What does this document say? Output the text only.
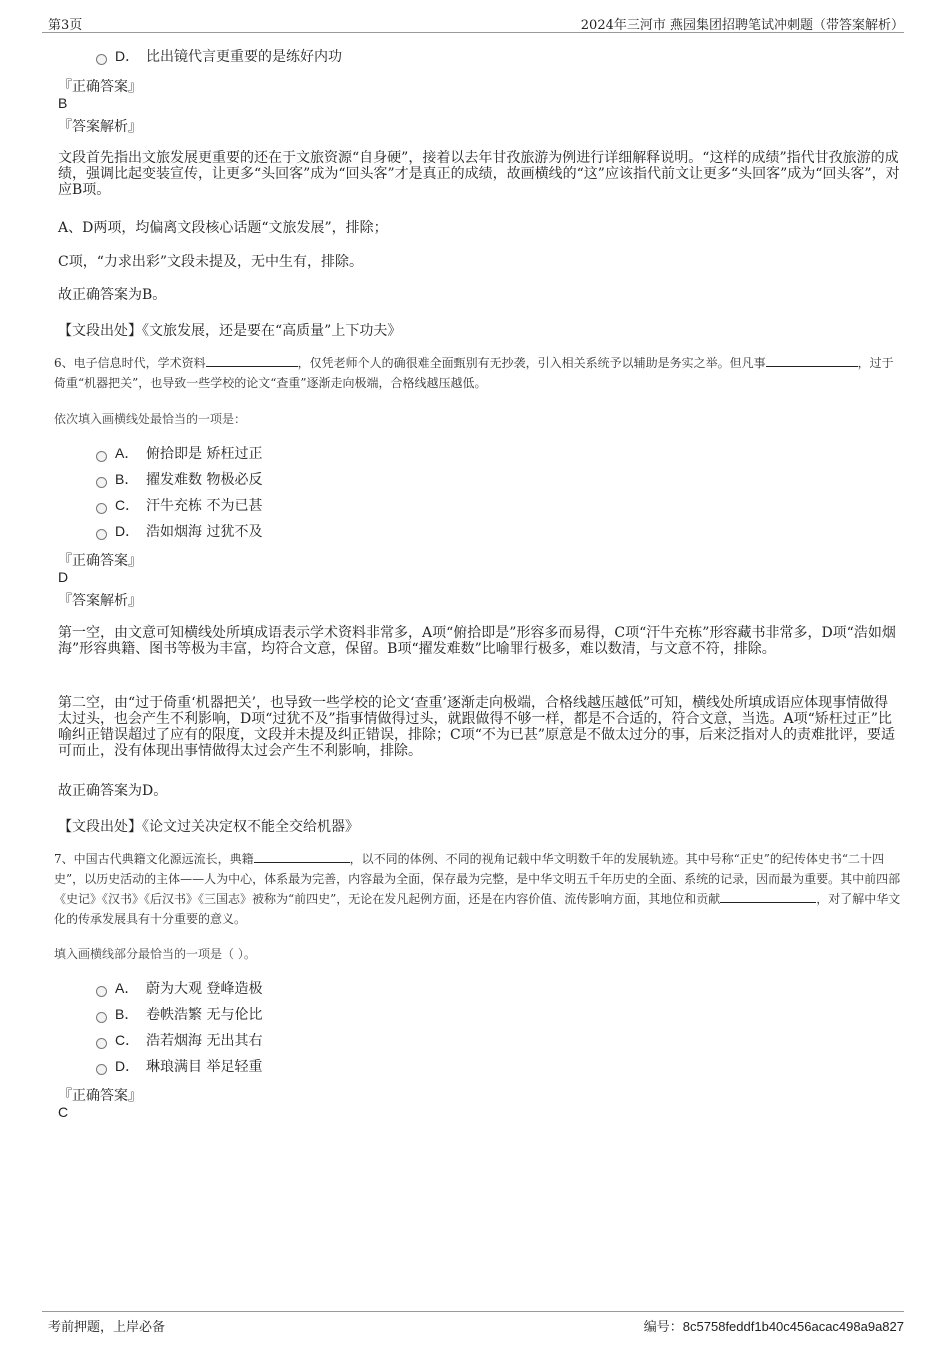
第3页	2024年三河市 燕园集团招聘笔试冲刺题（带答案解析）
D． 比出镜代言更重要的是练好内功
『正确答案』
B
『答案解析』
文段首先指出文旅发展更重要的还在于文旅资源“自身硬”，接着以去年甘孜旅游为例进行详细解释说明。“这样的成绩”指代甘孜旅游的成绩，强调比起变装宣传，让更多“头回客”成为“回头客”才是真正的成绩，故画横线的“这”应该指代前文让更多“头回客”成为“回头客”，对应B项。
A、D两项，均偏离文段核心话题“文旅发展”，排除；
C项，“力求出彩”文段未提及，无中生有，排除。
故正确答案为B。
【文段出处】《文旅发展，还是要在“高质量”上下功夫》
6、电子信息时代，学术资料	，仅凭老师个人的确很难全面甄别有无抄袭，引入相关系统予以辅助是务实之举。但凡事	，过于倚重“机器把关”，也导致一些学校的论文“查重”逐渐走向极端，合格线越压越低。
依次填入画横线处最恰当的一项是：
A． 俯拾即是 矫枉过正
B． 擢发难数 物极必反
C． 汗牛充栋 不为已甚
D． 浩如烟海 过犹不及
『正确答案』
D
『答案解析』
第一空，由文意可知横线处所填成语表示学术资料非常多，A项“俯拾即是”形容多而易得，C项“汗牛充栋”形容藏书非常多，D项“浩如烟海”形容典籍、图书等极为丰富，均符合文意，保留。B项“擢发难数”比喻罪行极多，难以数清，与文意不符，排除。
第二空，由“过于倚重‘机器把关’，也导致一些学校的论文‘查重’逐渐走向极端，合格线越压越低”可知，横线处所填成语应体现事情做得太过头，也会产生不利影响，D项“过犹不及”指事情做得过头，就跟做得不够一样，都是不合适的，符合文意，当选。A项“矫枉过正”比喻纠正错误超过了应有的限度，文段并未提及纠正错误，排除；C项“不为已甚”原意是不做太过分的事，后来泛指对人的责难批评，要适可而止，没有体现出事情做得太过会产生不利影响，排除。
故正确答案为D。
【文段出处】《论文过关决定权不能全交给机器》
7、中国古代典籍文化源远流长，典籍	，以不同的体例、不同的视角记载中华文明数千年的发展轨迹。其中号称“正史”的纪传体史书“二十四史”，以历史活动的主体——人为中心，体系最为完善，内容最为全面，保存最为完整，是中华文明五千年历史的全面、系统的记录，因而最为重要。其中前四部《史记》《汉书》《后汉书》《三国志》被称为“前四史”，无论在发凡起例方面，还是在内容价值、流传影响方面，其地位和贡献	，对了解中华文化的传承发展具有十分重要的意义。
填入画横线部分最恰当的一项是（ ）。
A． 蔚为大观 登峰造极
B． 卷帙浩繁 无与伦比
C． 浩若烟海 无出其右
D． 琳琅满目 举足轻重
『正确答案』
C
考前押题，上岸必备	编号：8c5758feddf1b40c456acac498a9a827
